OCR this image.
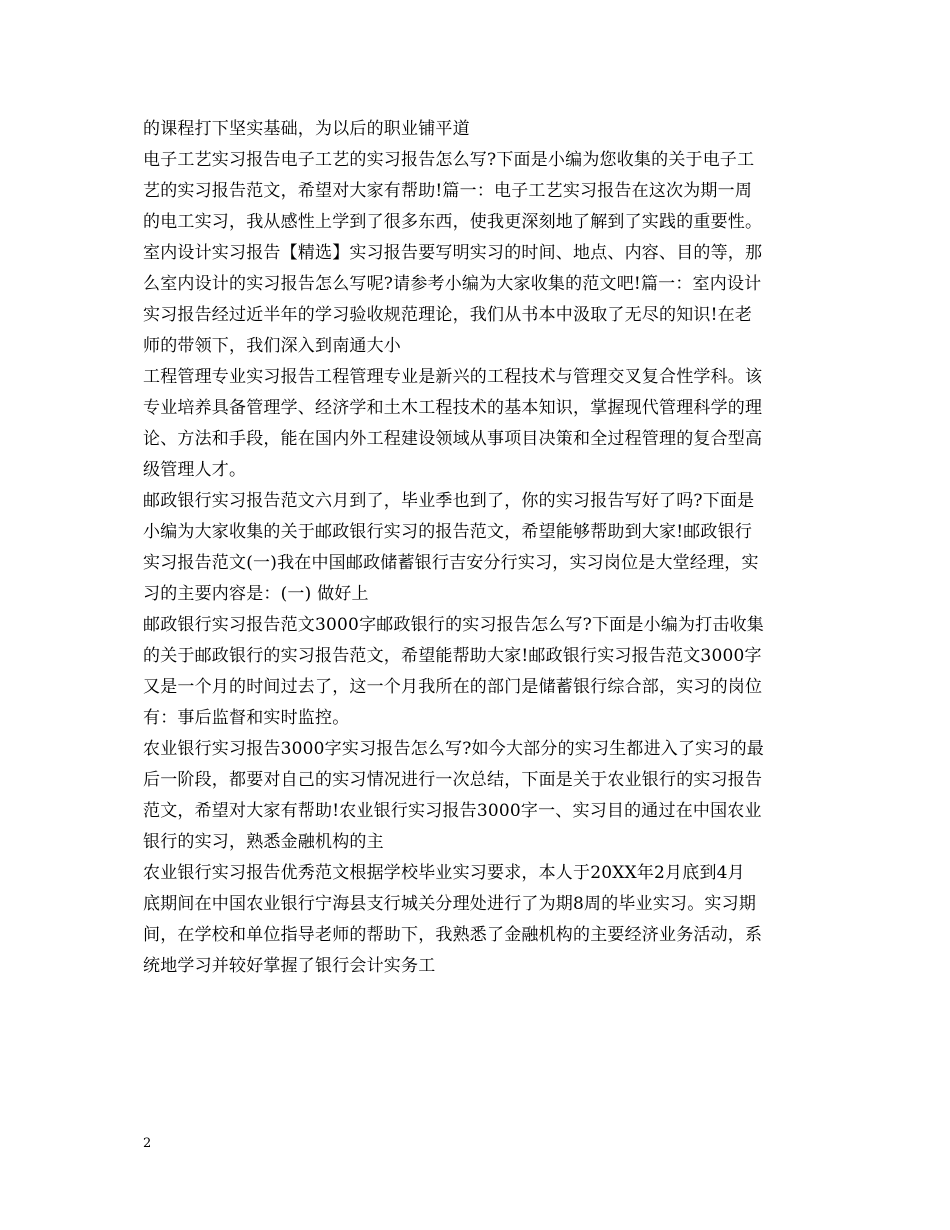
的课程打下坚实基础，为以后的职业铺平道
电子工艺实习报告电子工艺的实习报告怎么写?下面是小编为您收集的关于电子工
艺的实习报告范文，希望对大家有帮助!篇一：电子工艺实习报告在这次为期一周
的电工实习，我从感性上学到了很多东西，使我更深刻地了解到了实践的重要性。
室内设计实习报告【精选】实习报告要写明实习的时间、地点、内容、目的等，那
么室内设计的实习报告怎么写呢?请参考小编为大家收集的范文吧!篇一：室内设计
实习报告经过近半年的学习验收规范理论，我们从书本中汲取了无尽的知识!在老
师的带领下，我们深入到南通大小
工程管理专业实习报告工程管理专业是新兴的工程技术与管理交叉复合性学科。该
专业培养具备管理学、经济学和土木工程技术的基本知识，掌握现代管理科学的理
论、方法和手段，能在国内外工程建设领域从事项目决策和全过程管理的复合型高
级管理人才。
邮政银行实习报告范文六月到了，毕业季也到了，你的实习报告写好了吗?下面是
小编为大家收集的关于邮政银行实习的报告范文，希望能够帮助到大家!邮政银行
实习报告范文(一)我在中国邮政储蓄银行吉安分行实习，实习岗位是大堂经理，实
习的主要内容是：(一) 做好上
邮政银行实习报告范文3000字邮政银行的实习报告怎么写?下面是小编为打击收集
的关于邮政银行的实习报告范文，希望能帮助大家!邮政银行实习报告范文3000字
又是一个月的时间过去了，这一个月我所在的部门是储蓄银行综合部，实习的岗位
有：事后监督和实时监控。
农业银行实习报告3000字实习报告怎么写?如今大部分的实习生都进入了实习的最
后一阶段，都要对自己的实习情况进行一次总结，下面是关于农业银行的实习报告
范文，希望对大家有帮助!农业银行实习报告3000字一、实习目的通过在中国农业
银行的实习，熟悉金融机构的主
农业银行实习报告优秀范文根据学校毕业实习要求，本人于20XX年2月底到4月
底期间在中国农业银行宁海县支行城关分理处进行了为期8周的毕业实习。实习期
间，在学校和单位指导老师的帮助下，我熟悉了金融机构的主要经济业务活动，系
统地学习并较好掌握了银行会计实务工
2
